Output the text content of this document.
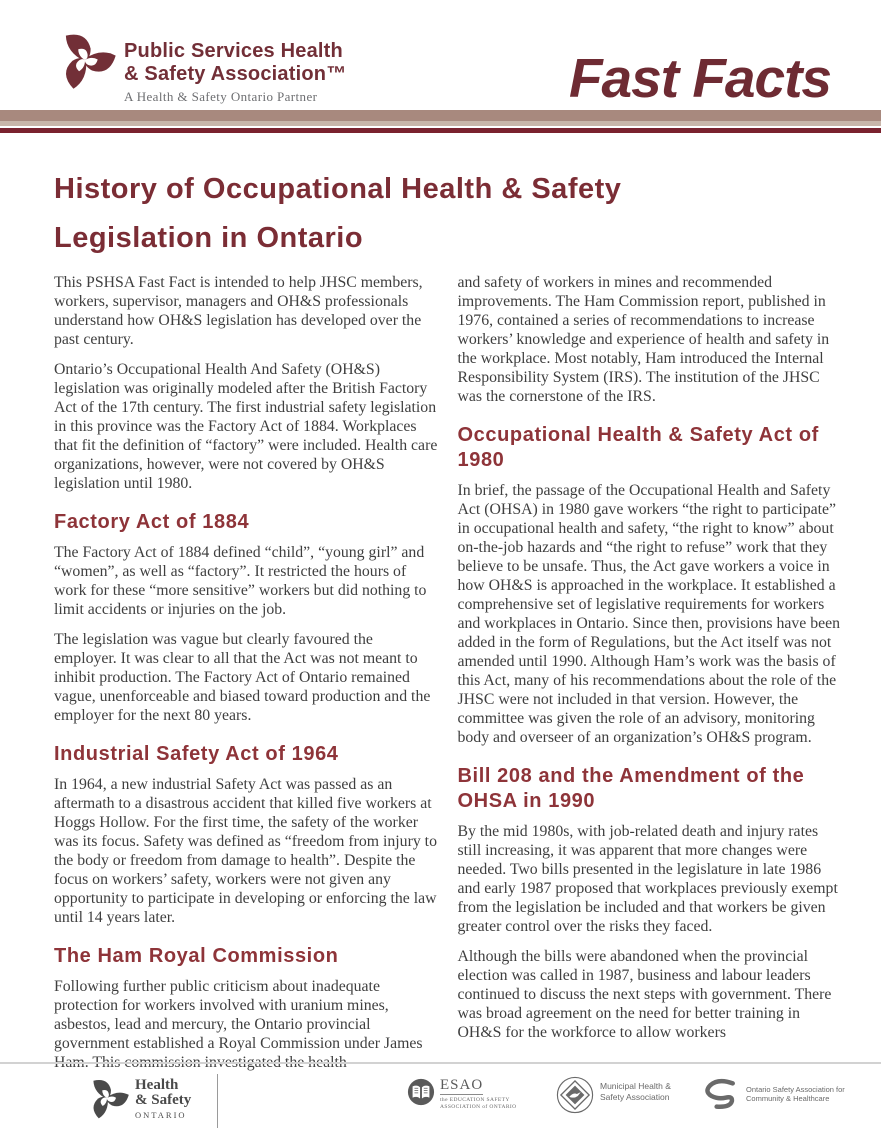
Public Services Health
& Safety Association™
A Health & Safety Ontario Partner	Fast Facts
History of Occupational Health & Safety
Legislation in Ontario

This PSHSA Fast Fact is intended to help JHSC members, workers, supervisor, managers and OH&S professionals understand how OH&S legislation has developed over the past century.

Ontario’s Occupational Health And Safety (OH&S) legislation was originally modeled after the British Factory Act of the 17th century. The first industrial safety legislation in this province was the Factory Act of 1884. Workplaces that fit the definition of “factory” were included. Health care organizations, however, were not covered by OH&S legislation until 1980.

Factory Act of 1884

The Factory Act of 1884 defined “child”, “young girl” and “women”, as well as “factory”. It restricted the hours of work for these “more sensitive” workers but did nothing to limit accidents or injuries on the job.

The legislation was vague but clearly favoured the employer. It was clear to all that the Act was not meant to inhibit production. The Factory Act of Ontario remained vague, unenforceable and biased toward production and the employer for the next 80 years.

Industrial Safety Act of 1964

In 1964, a new industrial Safety Act was passed as an aftermath to a disastrous accident that killed five workers at Hoggs Hollow. For the first time, the safety of the worker was its focus. Safety was defined as “freedom from injury to the body or freedom from damage to health”. Despite the focus on workers’ safety, workers were not given any opportunity to participate in developing or enforcing the law until 14 years later.

The Ham Royal Commission

Following further public criticism about inadequate protection for workers involved with uranium mines, asbestos, lead and mercury, the Ontario provincial government established a Royal Commission under James Ham. This commission investigated the health

and safety of workers in mines and recommended improvements. The Ham Commission report, published in 1976, contained a series of recommendations to increase workers’ knowledge and experience of health and safety in the workplace. Most notably, Ham introduced the Internal Responsibility System (IRS). The institution of the JHSC was the cornerstone of the IRS.

Occupational Health & Safety Act of 1980

In brief, the passage of the Occupational Health and Safety Act (OHSA) in 1980 gave workers “the right to participate” in occupational health and safety, “the right to know” about on-the-job hazards and “the right to refuse” work that they believe to be unsafe. Thus, the Act gave workers a voice in how OH&S is approached in the workplace. It established a comprehensive set of legislative requirements for workers and workplaces in Ontario. Since then, provisions have been added in the form of Regulations, but the Act itself was not amended until 1990. Although Ham’s work was the basis of this Act, many of his recommendations about the role of the JHSC were not included in that version. However, the committee was given the role of an advisory, monitoring body and overseer of an organization’s OH&S program.

Bill 208 and the Amendment of the OHSA in 1990

By the mid 1980s, with job-related death and injury rates still increasing, it was apparent that more changes were needed. Two bills presented in the legislature in late 1986 and early 1987 proposed that workplaces previously exempt from the legislation be included and that workers be given greater control over the risks they faced.

Although the bills were abandoned when the provincial election was called in 1987, business and labour leaders continued to discuss the next steps with government. There was broad agreement on the need for better training in OH&S for the workforce to allow workers

Health
& Safety
ONTARIO
ESAO
the EDUCATION SAFETY ASSOCIATION of ONTARIO
Municipal Health & Safety Association
Ontario Safety Association for Community & Healthcare
